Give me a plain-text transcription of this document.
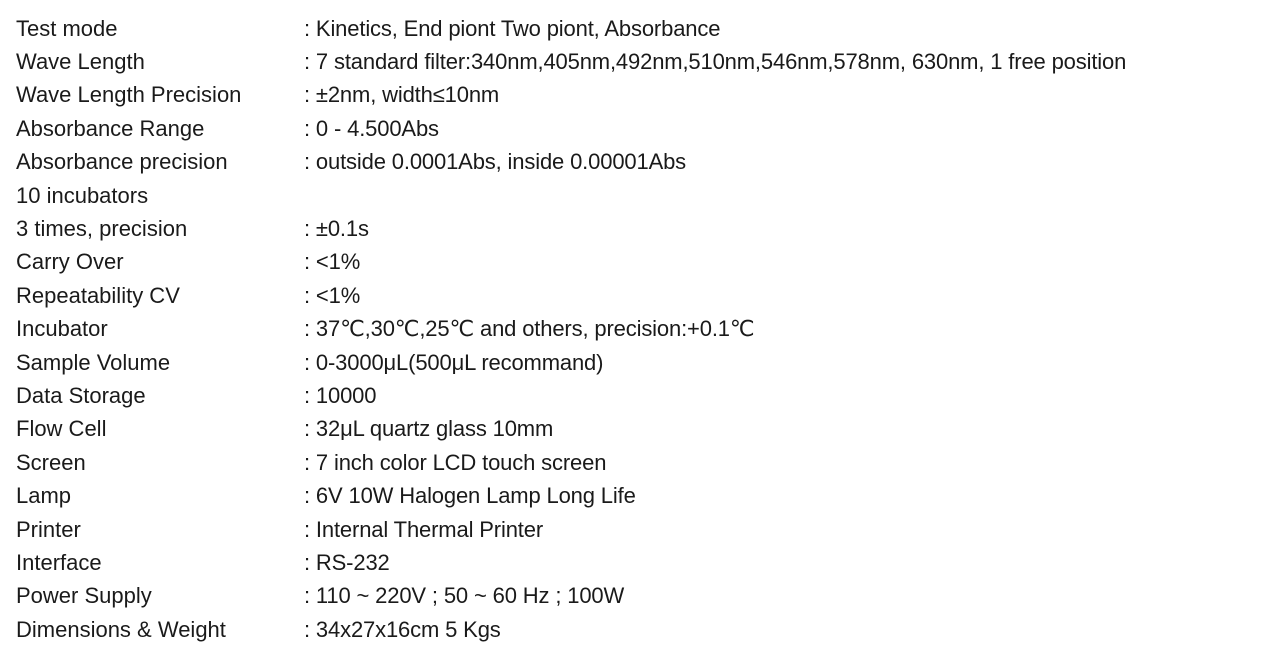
Test mode	: Kinetics, End piont Two piont, Absorbance
Wave Length	: 7 standard filter:340nm,405nm,492nm,510nm,546nm,578nm, 630nm, 1 free position
Wave Length Precision	: ±2nm, width≤10nm
Absorbance Range	: 0 - 4.500Abs
Absorbance precision	: outside 0.0001Abs, inside 0.00001Abs
10 incubators
3 times, precision	: ±0.1s
Carry Over	: <1%
Repeatability CV	: <1%
Incubator	: 37℃,30℃,25℃ and others, precision:+0.1℃
Sample Volume	: 0-3000μL(500μL recommand)
Data Storage	: 10000
Flow Cell	: 32μL quartz glass 10mm
Screen	: 7 inch color LCD touch screen
Lamp	: 6V 10W Halogen Lamp Long Life
Printer	: Internal Thermal Printer
Interface	: RS-232
Power Supply	: 110 ~ 220V ; 50 ~ 60 Hz ; 100W
Dimensions & Weight	: 34x27x16cm 5 Kgs
